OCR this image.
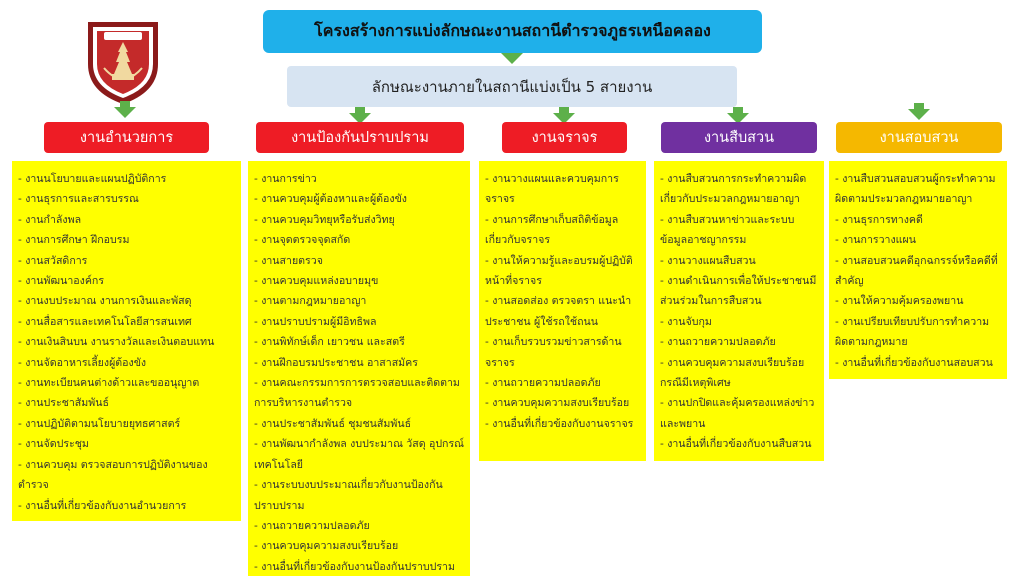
โครงสร้างการแบ่งลักษณะงานสถานีตำรวจภูธรเหนือคลอง
ลักษณะงานภายในสถานีแบ่งเป็น 5 สายงาน
งานอำนวยการ	งานป้องกันปราบปราม	งานจราจร	งานสืบสวน	งานสอบสวน
- งานนโยบายและแผนปฏิบัติการ
- งานธุรการและสารบรรณ
- งานกำลังพล
- งานการศึกษา ฝึกอบรม
- งานสวัสดิการ
- งานพัฒนาองค์กร
- งานงบประมาณ งานการเงินและพัสดุ
- งานสื่อสารและเทคโนโลยีสารสนเทศ
- งานเงินสินบน งานรางวัลและเงินตอบแทน
- งานจัดอาหารเลี้ยงผู้ต้องขัง
- งานทะเบียนคนต่างด้าวและขออนุญาต
- งานประชาสัมพันธ์
- งานปฏิบัติตามนโยบายยุทธศาสตร์
- งานจัดประชุม
- งานควบคุม ตรวจสอบการปฏิบัติงานของตำรวจ
- งานอื่นที่เกี่ยวข้องกับงานอำนวยการ
- งานการข่าว
- งานควบคุมผู้ต้องหาและผู้ต้องขัง
- งานควบคุมวิทยุหรือรับส่งวิทยุ
- งานจุดตรวจจุดสกัด
- งานสายตรวจ
- งานควบคุมแหล่งอบายมุข
- งานตามกฎหมายอาญา
- งานปราบปรามผู้มีอิทธิพล
- งานพิทักษ์เด็ก เยาวชน และสตรี
- งานฝึกอบรมประชาชน อาสาสมัคร
- งานคณะกรรมการการตรวจสอบและติดตามการบริหารงานตำรวจ
- งานประชาสัมพันธ์ ชุมชนสัมพันธ์
- งานพัฒนากำลังพล งบประมาณ วัสดุ อุปกรณ์ เทคโนโลยี
- งานระบบงบประมาณเกี่ยวกับงานป้องกันปราบปราม
- งานถวายความปลอดภัย
- งานควบคุมความสงบเรียบร้อย
- งานอื่นที่เกี่ยวข้องกับงานป้องกันปราบปราม
- งานวางแผนและควบคุมการจราจร
- งานการศึกษาเก็บสถิติข้อมูลเกี่ยวกับจราจร
- งานให้ความรู้และอบรมผู้ปฏิบัติหน้าที่จราจร
- งานสอดส่อง ตรวจตรา แนะนำประชาชน ผู้ใช้รถใช้ถนน
- งานเก็บรวบรวมข่าวสารด้านจราจร
- งานถวายความปลอดภัย
- งานควบคุมความสงบเรียบร้อย
- งานอื่นที่เกี่ยวข้องกับงานจราจร
- งานสืบสวนการกระทำความผิดเกี่ยวกับประมวลกฎหมายอาญา
- งานสืบสวนหาข่าวและระบบข้อมูลอาชญากรรม
- งานวางแผนสืบสวน
- งานดำเนินการเพื่อให้ประชาชนมีส่วนร่วมในการสืบสวน
- งานจับกุม
- งานถวายความปลอดภัย
- งานควบคุมความสงบเรียบร้อยกรณีมีเหตุพิเศษ
- งานปกปิดและคุ้มครองแหล่งข่าวและพยาน
- งานอื่นที่เกี่ยวข้องกับงานสืบสวน
- งานสืบสวนสอบสวนผู้กระทำความผิดตามประมวลกฎหมายอาญา
- งานธุรการทางคดี
- งานการวางแผน
- งานสอบสวนคดีอุกฉกรรจ์หรือคดีที่สำคัญ
- งานให้ความคุ้มครองพยาน
- งานเปรียบเทียบปรับการทำความผิดตามกฎหมาย
- งานอื่นที่เกี่ยวข้องกับงานสอบสวน
